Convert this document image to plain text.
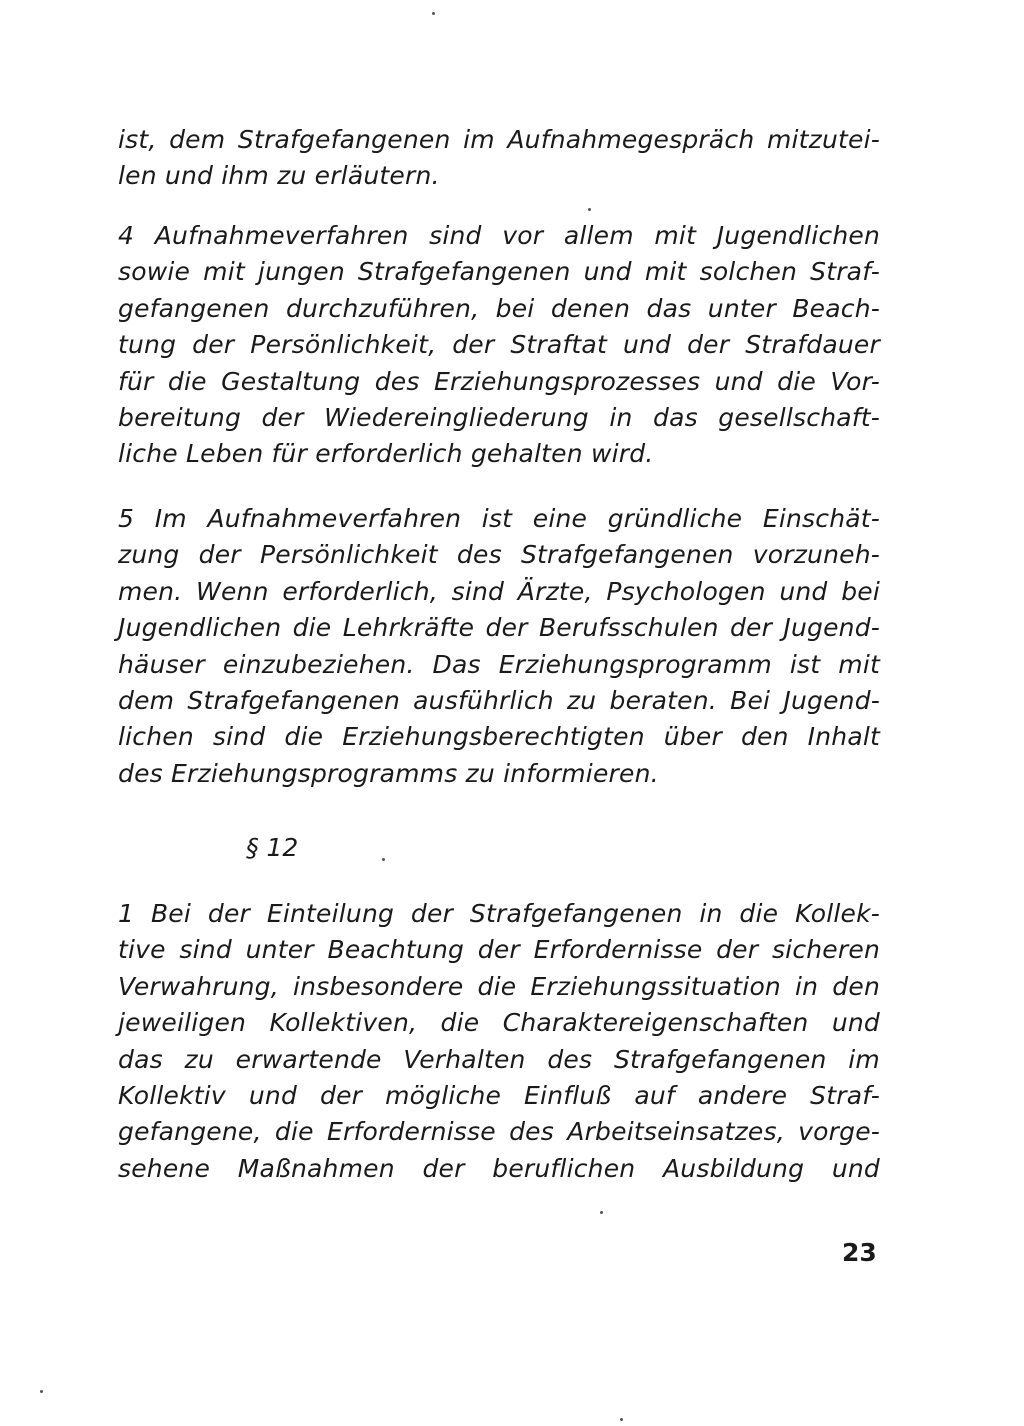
ist, dem Strafgefangenen im Aufnahmegespräch mitzutei-
len und ihm zu erläutern.
4 Aufnahmeverfahren sind vor allem mit Jugendlichen
sowie mit jungen Strafgefangenen und mit solchen Straf-
gefangenen durchzuführen, bei denen das unter Beach-
tung der Persönlichkeit, der Straftat und der Strafdauer
für die Gestaltung des Erziehungsprozesses und die Vor-
bereitung der Wiedereingliederung in das gesellschaft-
liche Leben für erforderlich gehalten wird.
5 Im Aufnahmeverfahren ist eine gründliche Einschät-
zung der Persönlichkeit des Strafgefangenen vorzuneh-
men. Wenn erforderlich, sind Ärzte, Psychologen und bei
Jugendlichen die Lehrkräfte der Berufsschulen der Jugend-
häuser einzubeziehen. Das Erziehungsprogramm ist mit
dem Strafgefangenen ausführlich zu beraten. Bei Jugend-
lichen sind die Erziehungsberechtigten über den Inhalt
des Erziehungsprogramms zu informieren.
§ 12
1 Bei der Einteilung der Strafgefangenen in die Kollek-
tive sind unter Beachtung der Erfordernisse der sicheren
Verwahrung, insbesondere die Erziehungssituation in den
jeweiligen Kollektiven, die Charaktereigenschaften und
das zu erwartende Verhalten des Strafgefangenen im
Kollektiv und der mögliche Einfluß auf andere Straf-
gefangene, die Erfordernisse des Arbeitseinsatzes, vorge-
sehene Maßnahmen der beruflichen Ausbildung und
23
